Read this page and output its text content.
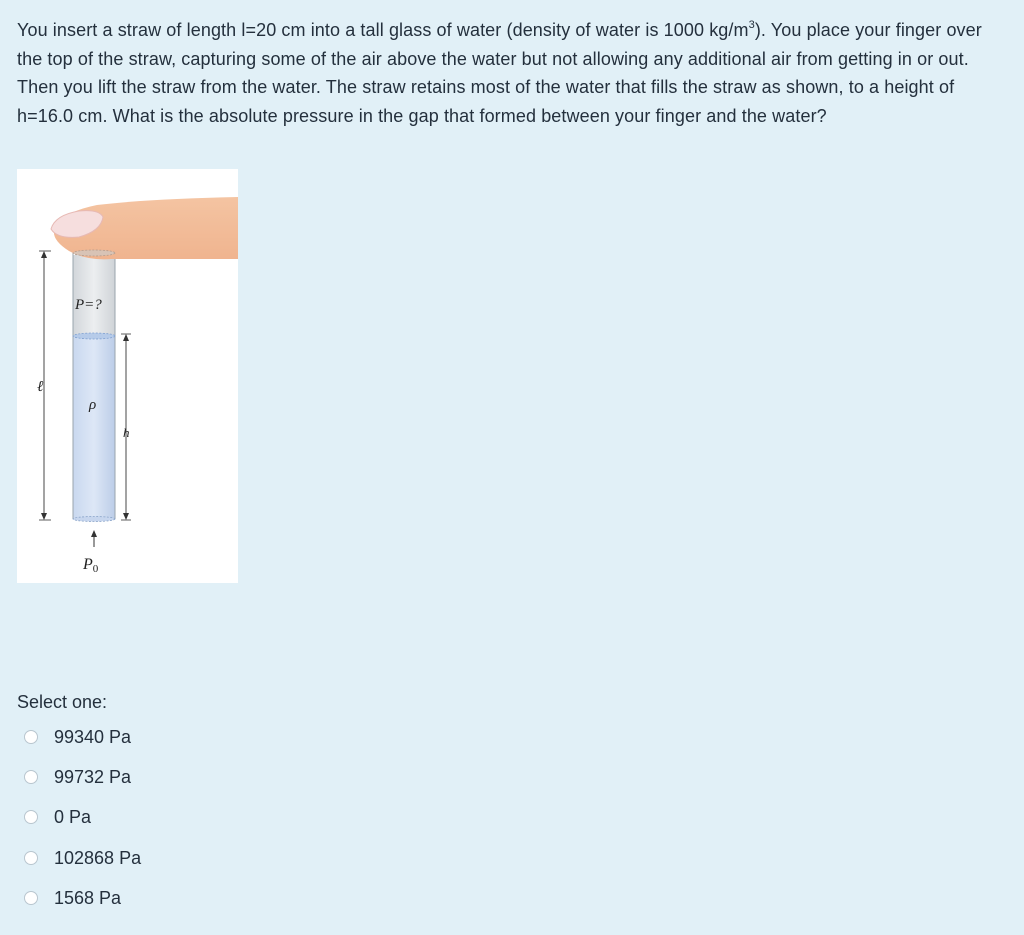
You insert a straw of length l=20 cm into a tall glass of water (density of water is 1000 $kg/m^3$). You place your finger over the top of the straw, capturing some of the air above the water but not allowing any additional air from getting in or out. Then you lift the straw from the water. The straw retains most of the water that fills the straw as shown, to a height of h=16.0 cm. What is the absolute pressure in the gap that formed between your finger and the water?
P=?
ℓ
ρ
h
P0
Select one:
99340 Pa
99732 Pa
0 Pa
102868 Pa
1568 Pa
